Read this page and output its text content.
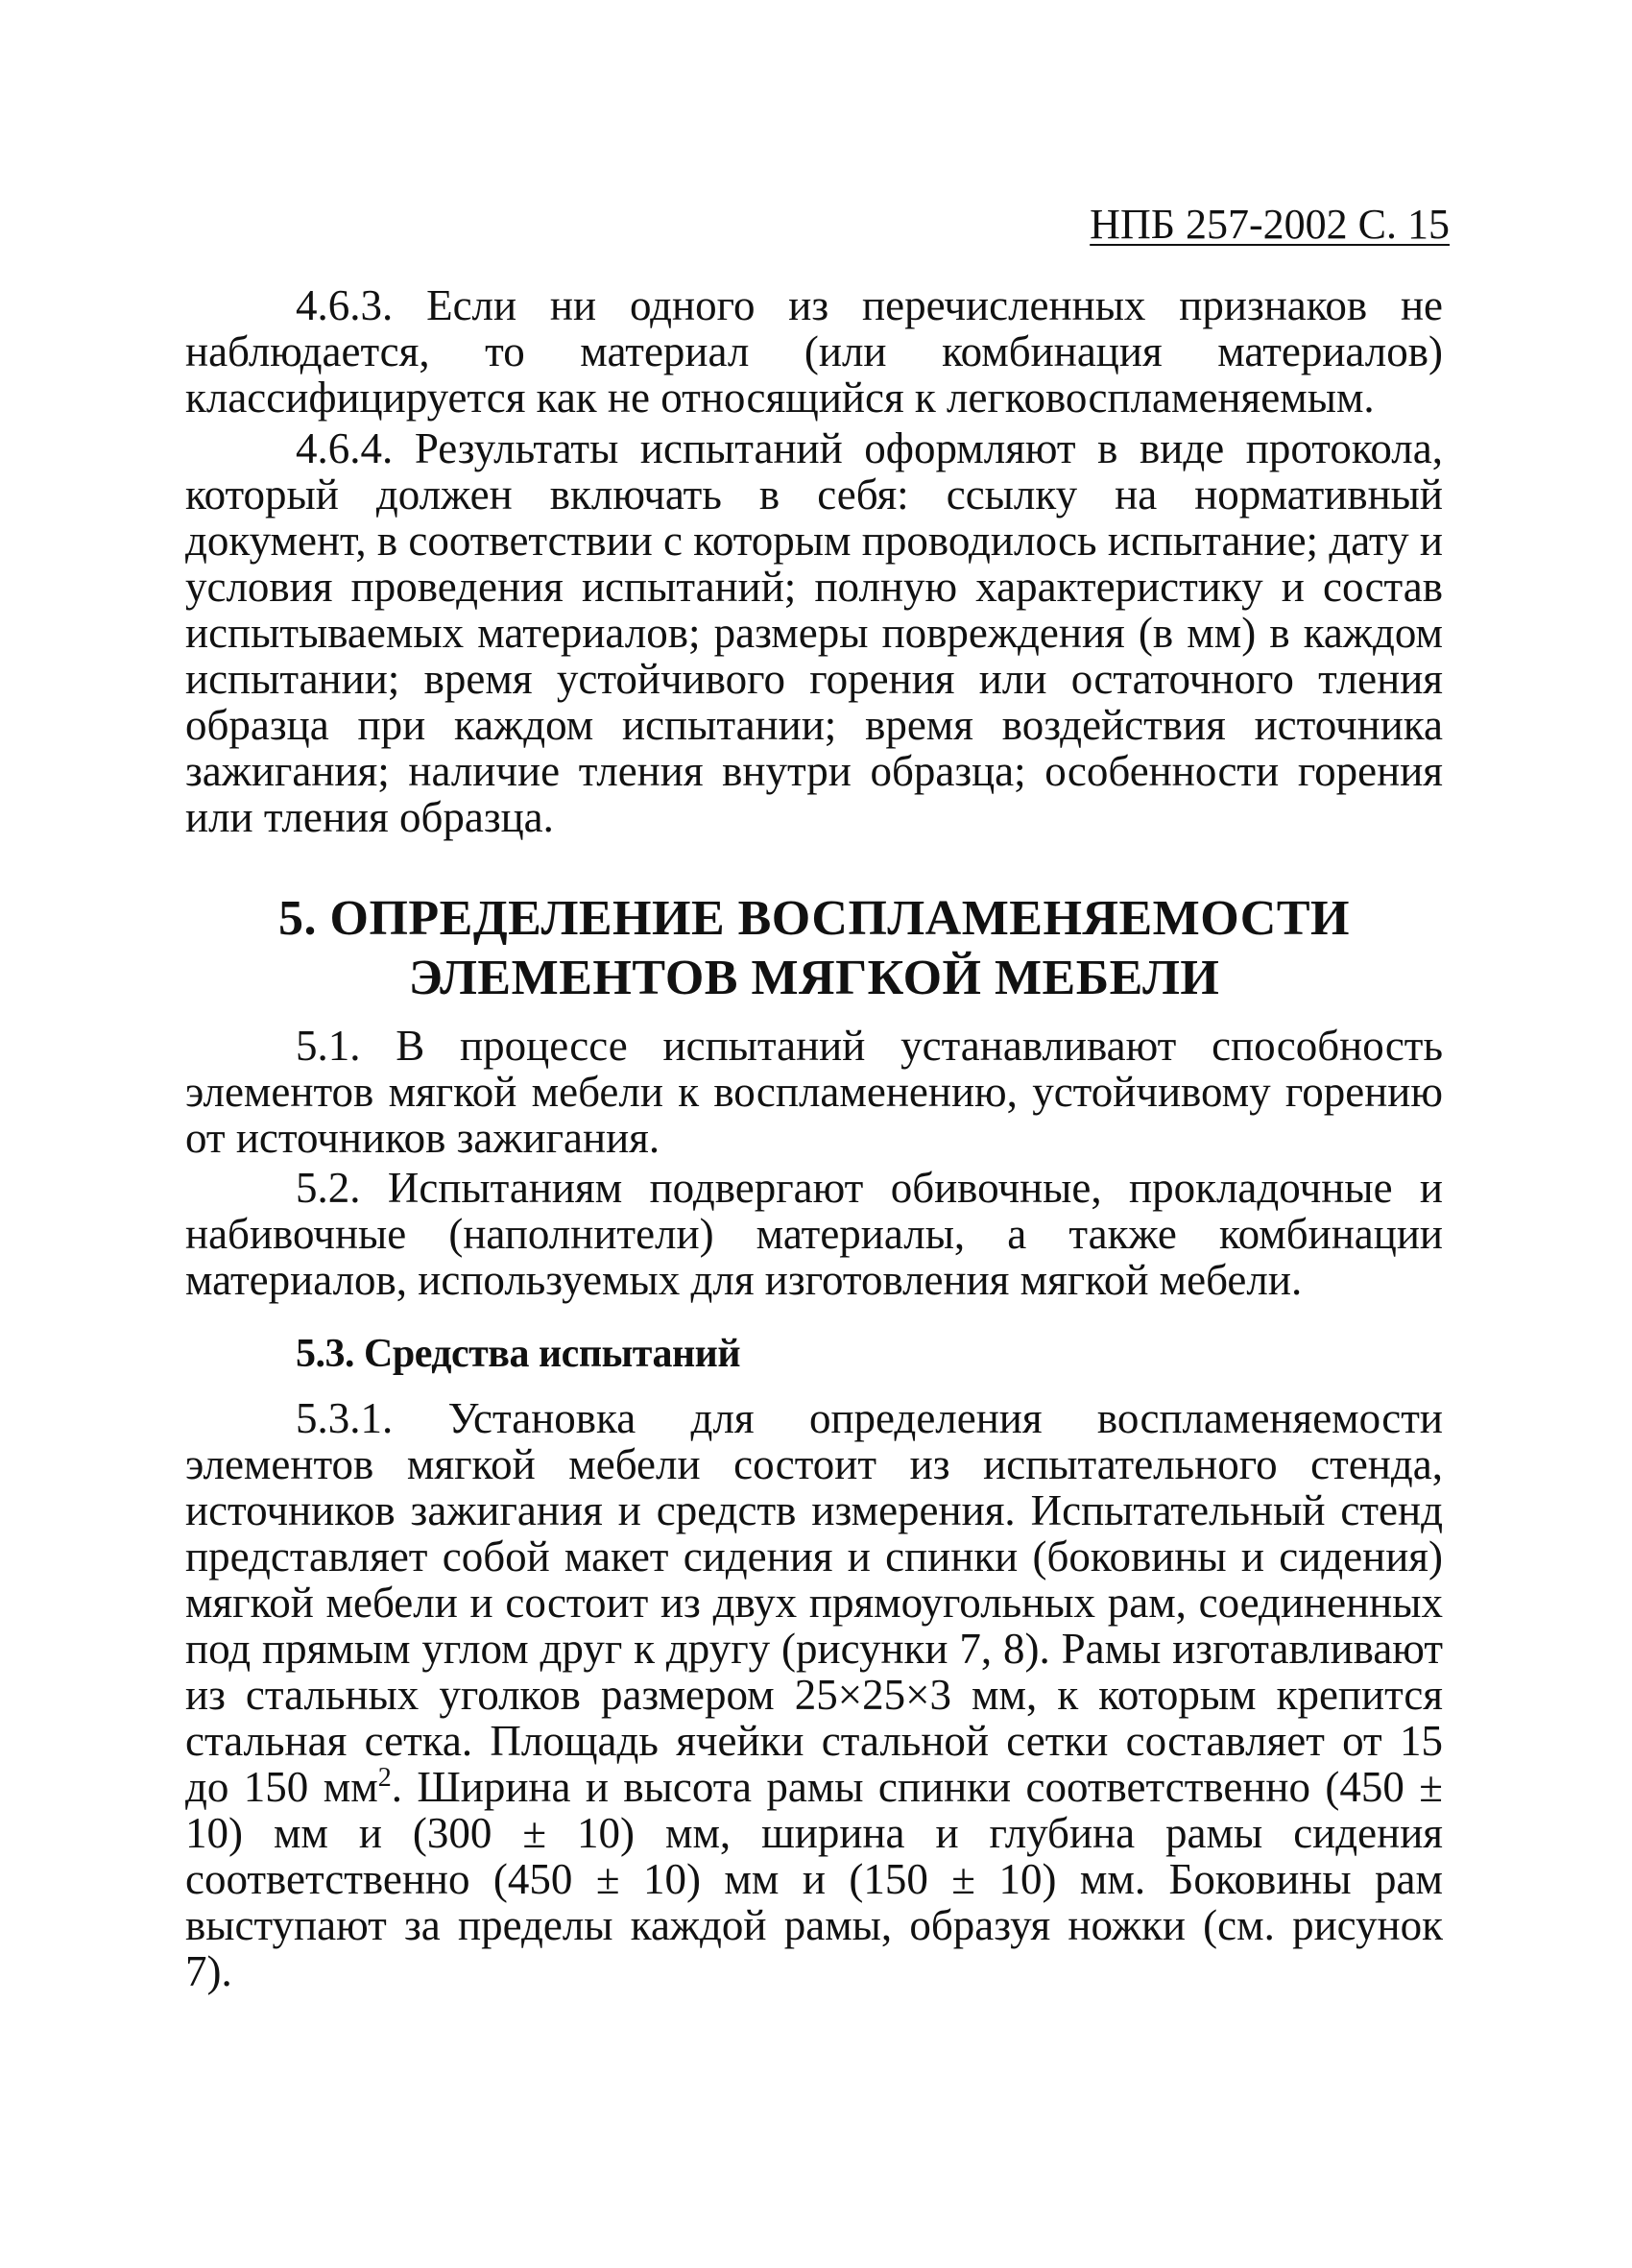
НПБ 257-2002 С. 15

4.6.3. Если ни одного из перечисленных признаков не наблюдается, то материал (или комбинация материалов) классифицируется как не относящийся к легковоспламеняемым.

4.6.4. Результаты испытаний оформляют в виде протокола, который должен включать в себя: ссылку на нормативный документ, в соответствии с которым проводилось испытание; дату и условия проведения испытаний; полную характеристику и состав испытываемых материалов; размеры повреждения (в мм) в каждом испытании; время устойчивого горения или остаточного тления образца при каждом испытании; время воздействия источника зажигания; наличие тления внутри образца; особенности горения или тления образца.

5. ОПРЕДЕЛЕНИЕ ВОСПЛАМЕНЯЕМОСТИ

ЭЛЕМЕНТОВ МЯГКОЙ МЕБЕЛИ

5.1. В процессе испытаний устанавливают способность элементов мягкой мебели к воспламенению, устойчивому горению от источников зажигания.

5.2. Испытаниям подвергают обивочные, прокладочные и набивочные (наполнители) материалы, а также комбинации материалов, используемых для изготовления мягкой мебели.

5.3. Средства испытаний

5.3.1. Установка для определения воспламеняемости элементов мягкой мебели состоит из испытательного стенда, источников зажигания и средств измерения. Испытательный стенд представляет собой макет сидения и спинки (боковины и сидения) мягкой мебели и состоит из двух прямоугольных рам, соединенных под прямым углом друг к другу (рисунки 7, 8). Рамы изготавливают из стальных уголков размером 25×25×3 мм, к которым крепится стальная сетка. Площадь ячейки стальной сетки составляет от 15 до 150 $мм^2$. Ширина и высота рамы спинки соответственно (450 ± 10) мм и (300 ± 10) мм, ширина и глубина рамы сидения соответственно (450 ± 10) мм и (150 ± 10) мм. Боковины рам выступают за пределы каждой рамы, образуя ножки (см. рисунок 7).
